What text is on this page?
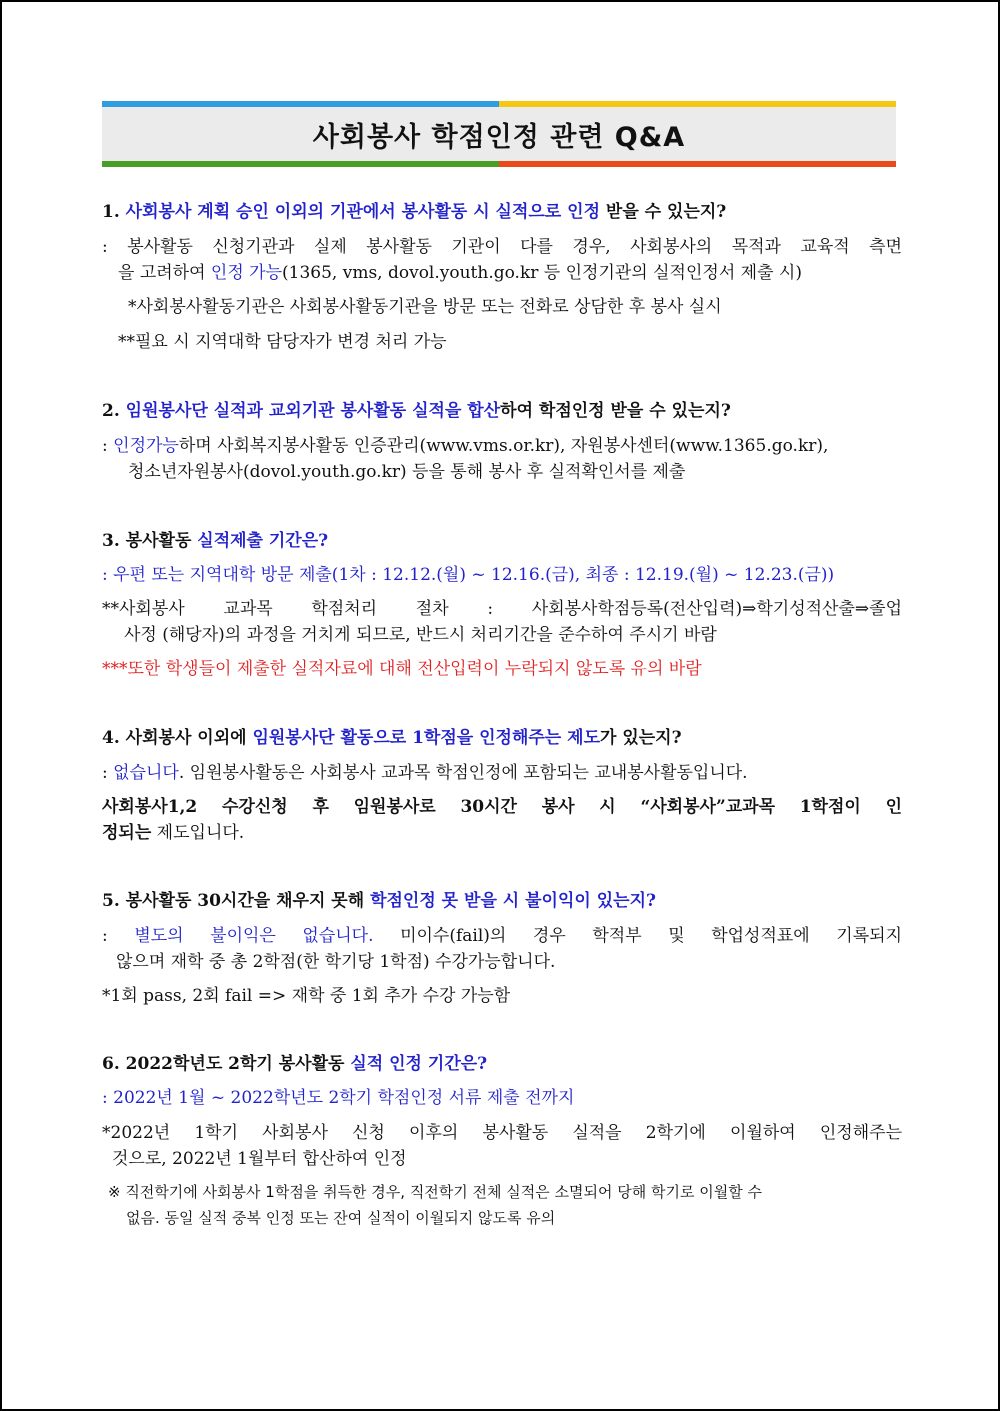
사회봉사 학점인정 관련 Q&A
1. 사회봉사 계획 승인 이외의 기관에서 봉사활동 시 실적으로 인정 받을 수 있는지?
: 봉사활동 신청기관과 실제 봉사활동 기관이 다를 경우, 사회봉사의 목적과 교육적 측면
을 고려하여 인정 가능(1365, vms, dovol.youth.go.kr 등 인정기관의 실적인정서 제출 시)
*사회봉사활동기관은 사회봉사활동기관을 방문 또는 전화로 상담한 후 봉사 실시
**필요 시 지역대학 담당자가 변경 처리 가능
2. 임원봉사단 실적과 교외기관 봉사활동 실적을 합산하여 학점인정 받을 수 있는지?
: 인정가능하며 사회복지봉사활동 인증관리(www.vms.or.kr), 자원봉사센터(www.1365.go.kr),
청소년자원봉사(dovol.youth.go.kr) 등을 통해 봉사 후 실적확인서를 제출
3. 봉사활동 실적제출 기간은?
: 우편 또는 지역대학 방문 제출(1차 : 12.12.(월) ~ 12.16.(금), 최종 : 12.19.(월) ~ 12.23.(금))
**사회봉사 교과목 학점처리 절차 : 사회봉사학점등록(전산입력)⇒학기성적산출⇒졸업
사정 (해당자)의 과정을 거치게 되므로, 반드시 처리기간을 준수하여 주시기 바람
***또한 학생들이 제출한 실적자료에 대해 전산입력이 누락되지 않도록 유의 바람
4. 사회봉사 이외에 임원봉사단 활동으로 1학점을 인정해주는 제도가 있는지?
: 없습니다. 임원봉사활동은 사회봉사 교과목 학점인정에 포함되는 교내봉사활동입니다.
사회봉사1,2 수강신청 후 임원봉사로 30시간 봉사 시 “사회봉사”교과목 1학점이 인
정되는 제도입니다.
5. 봉사활동 30시간을 채우지 못해 학점인정 못 받을 시 불이익이 있는지?
: 별도의 불이익은 없습니다. 미이수(fail)의 경우 학적부 및 학업성적표에 기록되지
않으며 재학 중 총 2학점(한 학기당 1학점) 수강가능합니다.
*1회 pass, 2회 fail => 재학 중 1회 추가 수강 가능함
6. 2022학년도 2학기 봉사활동 실적 인정 기간은?
: 2022년 1월 ~ 2022학년도 2학기 학점인정 서류 제출 전까지
*2022년 1학기 사회봉사 신청 이후의 봉사활동 실적을 2학기에 이월하여 인정해주는
것으로, 2022년 1월부터 합산하여 인정
※ 직전학기에 사회봉사 1학점을 취득한 경우, 직전학기 전체 실적은 소멸되어 당해 학기로 이월할 수
없음. 동일 실적 중복 인정 또는 잔여 실적이 이월되지 않도록 유의
